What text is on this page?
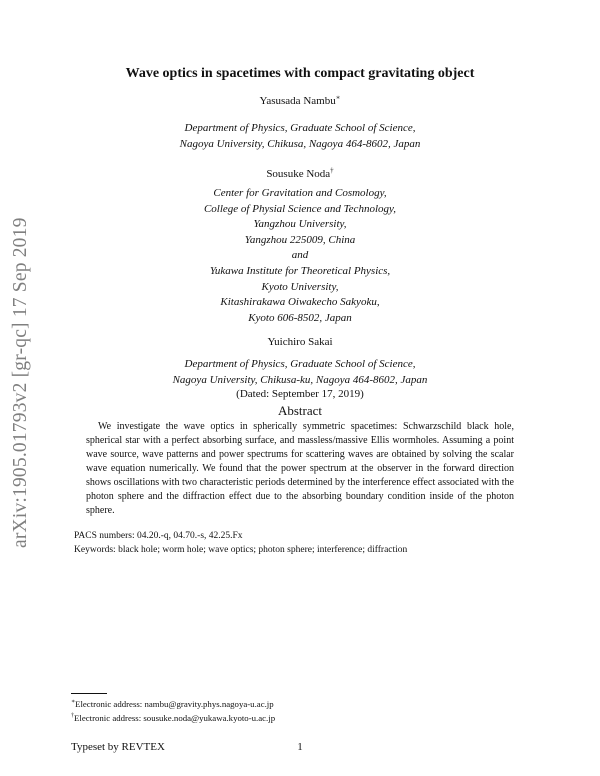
arXiv:1905.01793v2 [gr-qc] 17 Sep 2019
Wave optics in spacetimes with compact gravitating object
Yasusada Nambu∗
Department of Physics, Graduate School of Science,
Nagoya University, Chikusa, Nagoya 464-8602, Japan
Sousuke Noda†
Center for Gravitation and Cosmology,
College of Physial Science and Technology,
Yangzhou University,
Yangzhou 225009, China
and
Yukawa Institute for Theoretical Physics,
Kyoto University,
Kitashirakawa Oiwakecho Sakyoku,
Kyoto 606-8502, Japan
Yuichiro Sakai
Department of Physics, Graduate School of Science,
Nagoya University, Chikusa-ku, Nagoya 464-8602, Japan
(Dated: September 17, 2019)
Abstract
We investigate the wave optics in spherically symmetric spacetimes: Schwarzschild black hole, spherical star with a perfect absorbing surface, and massless/massive Ellis wormholes. Assuming a point wave source, wave patterns and power spectrums for scattering waves are obtained by solving the scalar wave equation numerically. We found that the power spectrum at the observer in the forward direction shows oscillations with two characteristic periods determined by the interference effect associated with the photon sphere and the diffraction effect due to the absorbing boundary condition inside of the photon sphere.
PACS numbers: 04.20.-q, 04.70.-s, 42.25.Fx
Keywords: black hole; worm hole; wave optics; photon sphere; interference; diffraction
∗Electronic address: nambu@gravity.phys.nagoya-u.ac.jp
†Electronic address: sousuke.noda@yukawa.kyoto-u.ac.jp
Typeset by REVTEX	1
